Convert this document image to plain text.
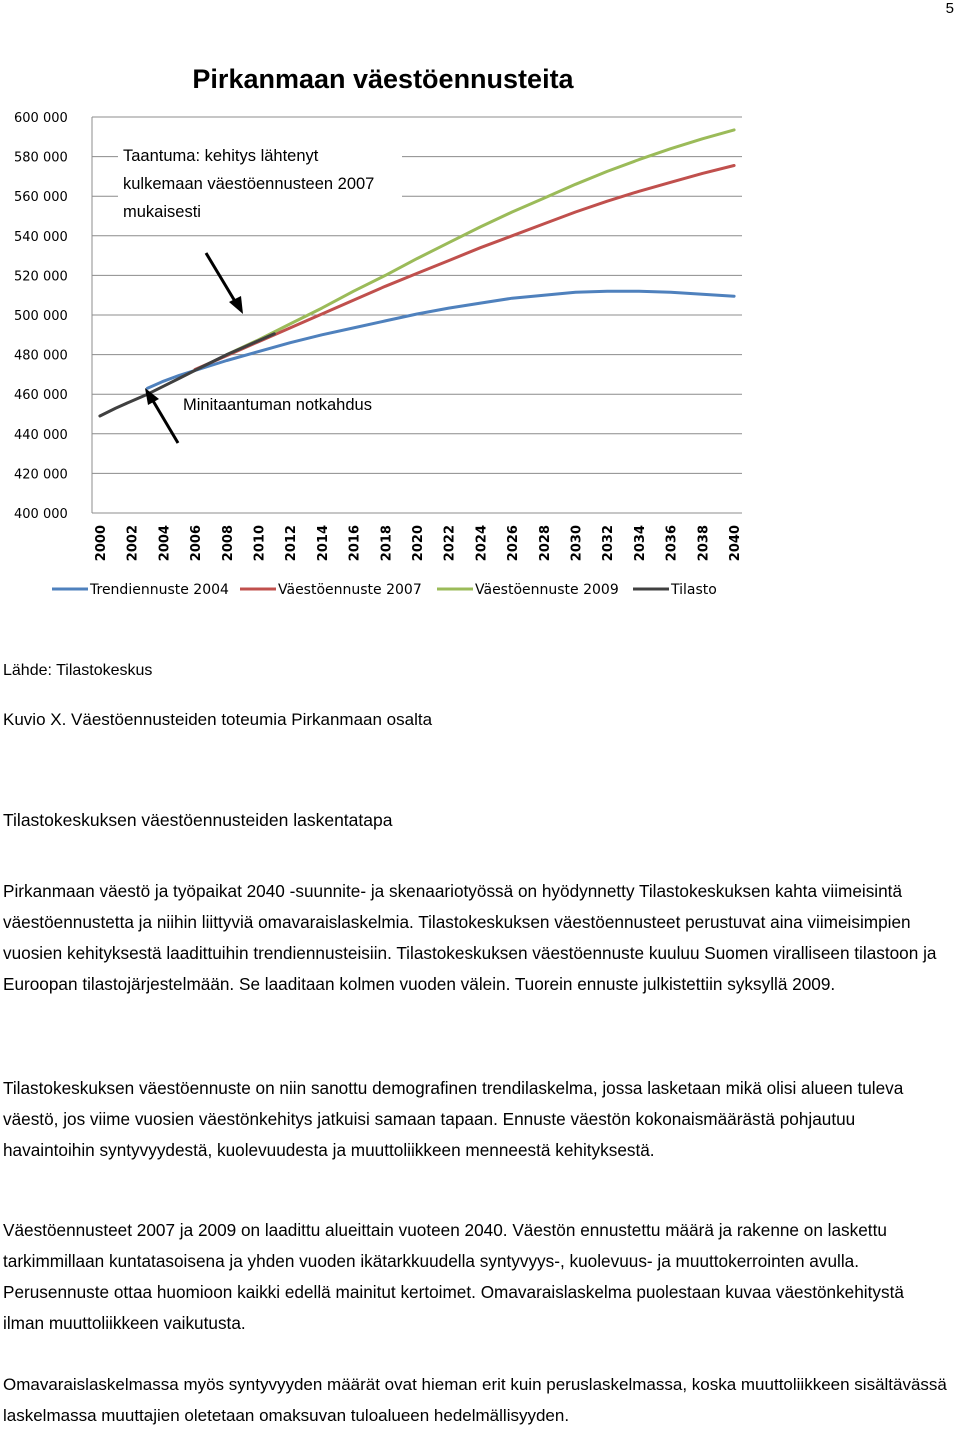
5
Pirkanmaan väestöennusteita
400 000
420 000
440 000
460 000
480 000
500 000
520 000
540 000
560 000
580 000
600 000
2000 2002 2004 2006 2008 2010 2012 2014 2016 2018 2020 2022 2024 2026 2028 2030 2032 2034 2036 2038 2040
Taantuma: kehitys lähtenyt
kulkemaan väestöennusteen 2007
mukaisesti
Minitaantuman notkahdus
Trendiennuste 2004	Väestöennuste 2007	Väestöennuste 2009	Tilasto
Lähde: Tilastokeskus
Kuvio X. Väestöennusteiden toteumia Pirkanmaan osalta
Tilastokeskuksen väestöennusteiden laskentatapa

Pirkanmaan väestö ja työpaikat 2040 -suunnite- ja skenaariotyössä on hyödynnetty Tilastokeskuksen kahta viimeisintä väestöennustetta ja niihin liittyviä omavaraislaskelmia. Tilastokeskuksen väestöennusteet perustuvat aina viimeisimpien vuosien kehityksestä laadittuihin trendiennusteisiin. Tilastokeskuksen väestöennuste kuuluu Suomen viralliseen tilastoon ja Euroopan tilastojärjestelmään. Se laaditaan kolmen vuoden välein. Tuorein ennuste julkistettiin syksyllä 2009.

Tilastokeskuksen väestöennuste on niin sanottu demografinen trendilaskelma, jossa lasketaan mikä olisi alueen tuleva väestö, jos viime vuosien väestönkehitys jatkuisi samaan tapaan. Ennuste väestön kokonaismäärästä pohjautuu havaintoihin syntyvyydestä, kuolevuudesta ja muuttoliikkeen menneestä kehityksestä.

Väestöennusteet 2007 ja 2009 on laadittu alueittain vuoteen 2040. Väestön ennustettu määrä ja rakenne on laskettu tarkimmillaan kuntatasoisena ja yhden vuoden ikätarkkuudella syntyvyys-, kuolevuus- ja muuttokerrointen avulla. Perusennuste ottaa huomioon kaikki edellä mainitut kertoimet. Omavaraislaskelma puolestaan kuvaa väestönkehitystä ilman muuttoliikkeen vaikutusta.

Omavaraislaskelmassa myös syntyvyyden määrät ovat hieman erit kuin peruslaskelmassa, koska muuttoliikkeen sisältävässä laskelmassa muuttajien oletetaan omaksuvan tuloalueen hedelmällisyyden.
